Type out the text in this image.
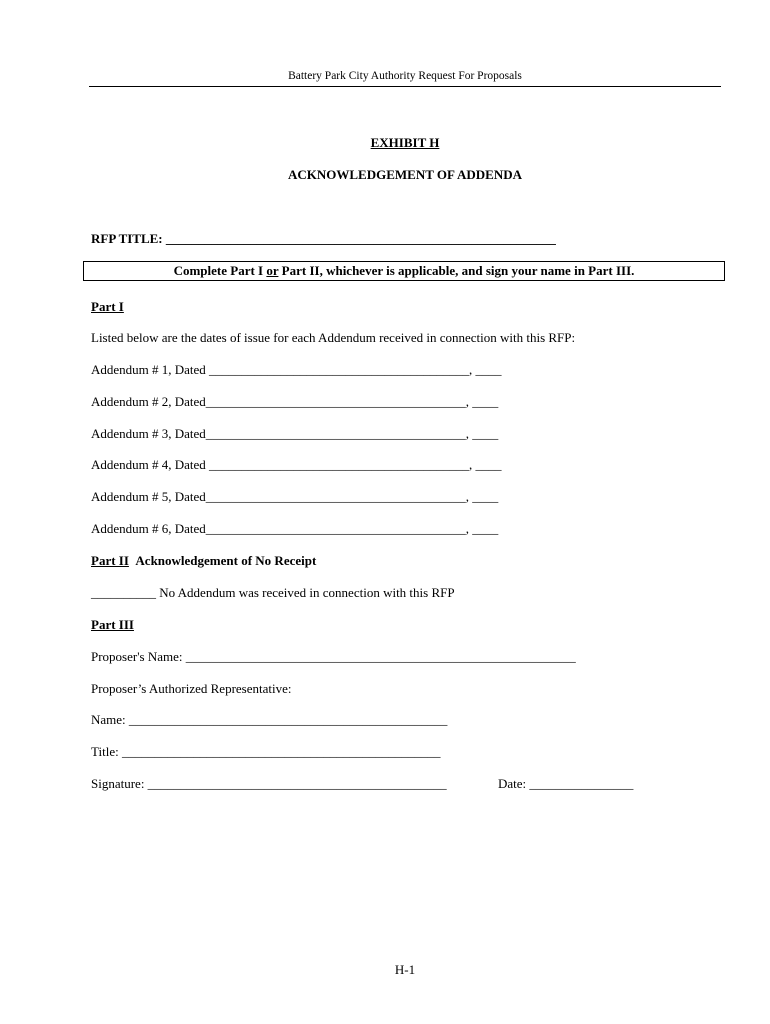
Battery Park City Authority Request For Proposals
EXHIBIT H
ACKNOWLEDGEMENT OF ADDENDA
RFP TITLE: ____________________________________________________________
Complete Part I or Part II, whichever is applicable, and sign your name in Part III.
Part I
Listed below are the dates of issue for each Addendum received in connection with this RFP:
Addendum # 1, Dated ________________________________________, ____
Addendum # 2, Dated________________________________________, ____
Addendum # 3, Dated________________________________________, ____
Addendum # 4, Dated ________________________________________, ____
Addendum # 5, Dated________________________________________, ____
Addendum # 6, Dated________________________________________, ____
Part II Acknowledgement of No Receipt
__________ No Addendum was received in connection with this RFP
Part III
Proposer's Name: ____________________________________________________________
Proposer’s Authorized Representative:
Name: _________________________________________________
Title: _________________________________________________
Signature: ______________________________________________	Date: ________________
H-1
